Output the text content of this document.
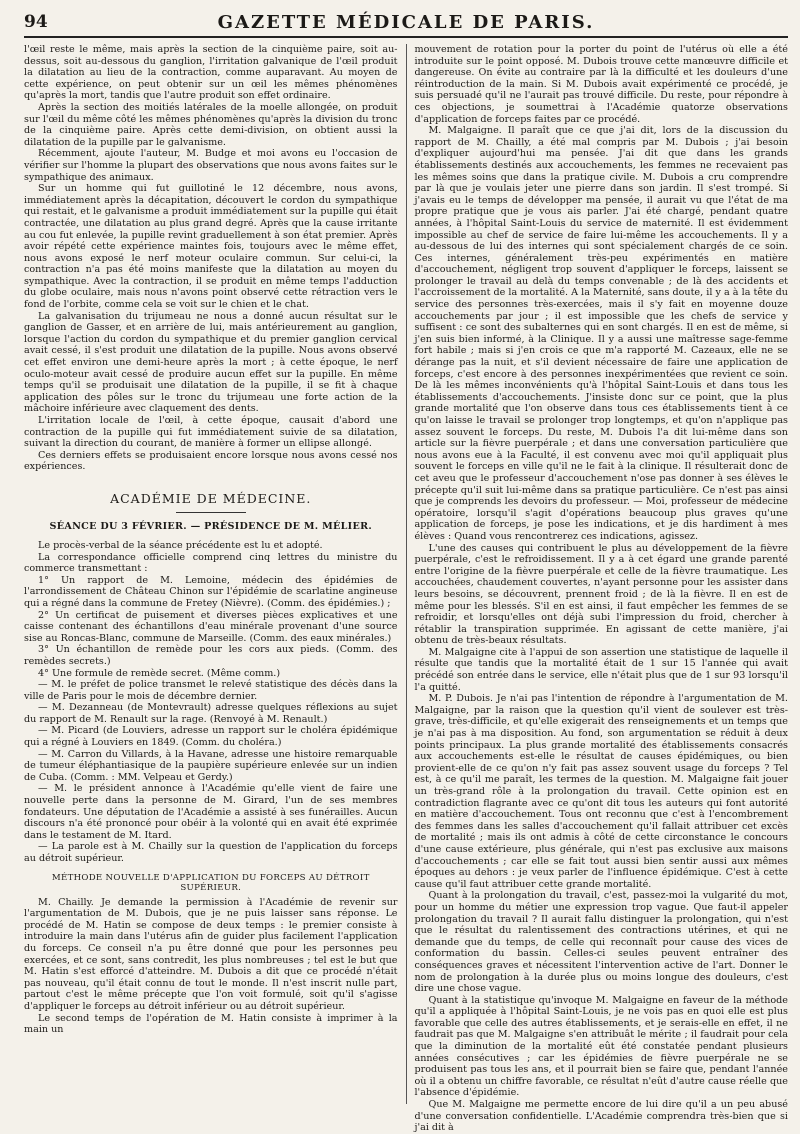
94	GAZETTE MÉDICALE DE PARIS.

l'œil reste le même, mais après la section de la cinquième paire, soit au-dessus, soit au-dessous du ganglion, l'irritation galvanique de l'œil produit la dilatation au lieu de la contraction, comme auparavant. Au moyen de cette expérience, on peut obtenir sur un œil les mêmes phénomènes qu'après la mort, tandis que l'autre produit son effet ordinaire.

Après la section des moitiés latérales de la moelle allongée, on produit sur l'œil du même côté les mêmes phénomènes qu'après la division du tronc de la cinquième paire. Après cette demi-division, on obtient aussi la dilatation de la pupille par le galvanisme.

Récemment, ajoute l'auteur, M. Budge et moi avons eu l'occasion de vérifier sur l'homme la plupart des observations que nous avons faites sur le sympathique des animaux.

Sur un homme qui fut guillotiné le 12 décembre, nous avons, immédiatement après la décapitation, découvert le cordon du sympathique qui restait, et le galvanisme a produit immédiatement sur la pupille qui était contractée, une dilatation au plus grand degré. Après que la cause irritante au cou fut enlevée, la pupille revint graduellement à son état premier. Après avoir répété cette expérience maintes fois, toujours avec le même effet, nous avons exposé le nerf moteur oculaire commun. Sur celui-ci, la contraction n'a pas été moins manifeste que la dilatation au moyen du sympathique. Avec la contraction, il se produit en même temps l'adduction du globe oculaire, mais nous n'avons point observé cette rétraction vers le fond de l'orbite, comme cela se voit sur le chien et le chat.

La galvanisation du trijumeau ne nous a donné aucun résultat sur le ganglion de Gasser, et en arrière de lui, mais antérieurement au ganglion, lorsque l'action du cordon du sympathique et du premier ganglion cervical avait cessé, il s'est produit une dilatation de la pupille. Nous avons observé cet effet environ une demi-heure après la mort ; à cette époque, le nerf oculo-moteur avait cessé de produire aucun effet sur la pupille. En même temps qu'il se produisait une dilatation de la pupille, il se fit à chaque application des pôles sur le tronc du trijumeau une forte action de la mâchoire inférieure avec claquement des dents.

L'irritation locale de l'œil, à cette époque, causait d'abord une contraction de la pupille qui fut immédiatement suivie de sa dilatation, suivant la direction du courant, de manière à former un ellipse allongé.

Ces derniers effets se produisaient encore lorsque nous avons cessé nos expériences.

ACADÉMIE DE MÉDECINE.
SÉANCE DU 3 FÉVRIER. — PRÉSIDENCE DE M. MÉLIER.

Le procès-verbal de la séance précédente est lu et adopté.

La correspondance officielle comprend cinq lettres du ministre du commerce transmettant :

1° Un rapport de M. Lemoine, médecin des épidémies de l'arrondissement de Château Chinon sur l'épidémie de scarlatine angineuse qui a régné dans la commune de Fretey (Nièvre). (Comm. des épidémies.) ;

2° Un certificat de puisement et diverses pièces explicatives et une caisse contenant des échantillons d'eau minérale provenant d'une source sise au Roncas-Blanc, commune de Marseille. (Comm. des eaux minérales.)

3° Un échantillon de remède pour les cors aux pieds. (Comm. des remèdes secrets.)

4° Une formule de remède secret. (Même comm.)

— M. le préfet de police transmet le relevé statistique des décès dans la ville de Paris pour le mois de décembre dernier.

— M. Dezanneau (de Montevrault) adresse quelques réflexions au sujet du rapport de M. Renault sur la rage. (Renvoyé à M. Renault.)

— M. Picard (de Louviers, adresse un rapport sur le choléra épidémique qui a régné à Louviers en 1849. (Comm. du choléra.)

— M. Carron du Villards, à la Havane, adresse une histoire remarquable de tumeur éléphantiasique de la paupière supérieure enlevée sur un indien de Cuba. (Comm. : MM. Velpeau et Gerdy.)

— M. le président annonce à l'Académie qu'elle vient de faire une nouvelle perte dans la personne de M. Girard, l'un de ses membres fondateurs. Une députation de l'Académie a assisté à ses funérailles. Aucun discours n'a été prononcé pour obéir à la volonté qui en avait été exprimée dans le testament de M. Itard.

— La parole est à M. Chailly sur la question de l'application du forceps au détroit supérieur.

MÉTHODE NOUVELLE D'APPLICATION DU FORCEPS AU DÉTROIT SUPÉRIEUR.

M. Chailly. Je demande la permission à l'Académie de revenir sur l'argumentation de M. Dubois, que je ne puis laisser sans réponse. Le procédé de M. Hatin se compose de deux temps : le premier consiste à introduire la main dans l'utérus afin de guider plus facilement l'application du forceps. Ce conseil n'a pu être donné que pour les personnes peu exercées, et ce sont, sans contredit, les plus nombreuses ; tel est le but que M. Hatin s'est efforcé d'atteindre. M. Dubois a dit que ce procédé n'était pas nouveau, qu'il était connu de tout le monde. Il n'est inscrit nulle part, partout c'est le même précepte que l'on voit formulé, soit qu'il s'agisse d'appliquer le forceps au détroit inférieur ou au détroit supérieur.

Le second temps de l'opération de M. Hatin consiste à imprimer à la main un

mouvement de rotation pour la porter du point de l'utérus où elle a été introduite sur le point opposé. M. Dubois trouve cette manœuvre difficile et dangereuse. On évite au contraire par là la difficulté et les douleurs d'une réintroduction de la main. Si M. Dubois avait expérimenté ce procédé, je suis persuadé qu'il ne l'aurait pas trouvé difficile. Du reste, pour répondre à ces objections, je soumettrai à l'Académie quatorze observations d'application de forceps faites par ce procédé.

M. Malgaigne. Il paraît que ce que j'ai dit, lors de la discussion du rapport de M. Chailly, a été mal compris par M. Dubois ; j'ai besoin d'expliquer aujourd'hui ma pensée. J'ai dit que dans les grands établissements destinés aux accouchements, les femmes ne recevaient pas les mêmes soins que dans la pratique civile. M. Dubois a cru comprendre par là que je voulais jeter une pierre dans son jardin. Il s'est trompé. Si j'avais eu le temps de développer ma pensée, il aurait vu que l'état de ma propre pratique que je vous ais parler. J'ai été chargé, pendant quatre années, à l'hôpital Saint-Louis du service de maternité. Il est évidemment impossible au chef de service de faire lui-même les accouchements. Il y a au-dessous de lui des internes qui sont spécialement chargés de ce soin. Ces internes, généralement très-peu expérimentés en matière d'accouchement, négligent trop souvent d'appliquer le forceps, laissent se prolonger le travail au delà du temps convenable ; de là des accidents et l'accroissement de la mortalité. A la Maternité, sans doute, il y a à la tête du service des personnes très-exercées, mais il s'y fait en moyenne douze accouchements par jour ; il est impossible que les chefs de service y suffisent : ce sont des subalternes qui en sont chargés. Il en est de même, si j'en suis bien informé, à la Clinique. Il y a aussi une maîtresse sage-femme fort habile ; mais si j'en crois ce que m'a rapporté M. Cazeaux, elle ne se dérange pas la nuit, et s'il devient nécessaire de faire une application de forceps, c'est encore à des personnes inexpérimentées que revient ce soin. De là les mêmes inconvénients qu'à l'hôpital Saint-Louis et dans tous les établissements d'accouchements. J'insiste donc sur ce point, que la plus grande mortalité que l'on observe dans tous ces établissements tient à ce qu'on laisse le travail se prolonger trop longtemps, et qu'on n'applique pas assez souvent le forceps. Du reste, M. Dubois l'a dit lui-même dans son article sur la fièvre puerpérale ; et dans une conversation particulière que nous avons eue à la Faculté, il est convenu avec moi qu'il appliquait plus souvent le forceps en ville qu'il ne le fait à la clinique. Il résulterait donc de cet aveu que le professeur d'accouchement n'ose pas donner à ses élèves le précepte qu'il suit lui-même dans sa pratique particulière. Ce n'est pas ainsi que je comprends les devoirs du professeur. — Moi, professeur de médecine opératoire, lorsqu'il s'agit d'opérations beaucoup plus graves qu'une application de forceps, je pose les indications, et je dis hardiment à mes élèves : Quand vous rencontrerez ces indications, agissez.

L'une des causes qui contribuent le plus au développement de la fièvre puerpérale, c'est le refroidissement. Il y a à cet égard une grande parenté entre l'origine de la fièvre puerpérale et celle de la fièvre traumatique. Les accouchées, chaudement couvertes, n'ayant personne pour les assister dans leurs besoins, se découvrent, prennent froid ; de là la fièvre. Il en est de même pour les blessés. S'il en est ainsi, il faut empêcher les femmes de se refroidir, et lorsqu'elles ont déjà subi l'impression du froid, chercher à rétablir la transpiration supprimée. En agissant de cette manière, j'ai obtenu de très-beaux résultats.

M. Malgaigne cite à l'appui de son assertion une statistique de laquelle il résulte que tandis que la mortalité était de 1 sur 15 l'année qui avait précédé son entrée dans le service, elle n'était plus que de 1 sur 93 lorsqu'il l'a quitté.

M. P. Dubois. Je n'ai pas l'intention de répondre à l'argumentation de M. Malgaigne, par la raison que la question qu'il vient de soulever est très-grave, très-difficile, et qu'elle exigerait des renseignements et un temps que je n'ai pas à ma disposition. Au fond, son argumentation se réduit à deux points principaux. La plus grande mortalité des établissements consacrés aux accouchements est-elle le résultat de causes épidémiques, ou bien provient-elle de ce qu'on n'y fait pas assez souvent usage du forceps ? Tel est, à ce qu'il me paraît, les termes de la question. M. Malgaigne fait jouer un très-grand rôle à la prolongation du travail. Cette opinion est en contradiction flagrante avec ce qu'ont dit tous les auteurs qui font autorité en matière d'accouchement. Tous ont reconnu que c'est à l'encombrement des femmes dans les salles d'accouchement qu'il fallait attribuer cet excès de mortalité ; mais ils ont admis à côté de cette circonstance le concours d'une cause extérieure, plus générale, qui n'est pas exclusive aux maisons d'accouchements ; car elle se fait tout aussi bien sentir aussi aux mêmes époques au dehors : je veux parler de l'influence épidémique. C'est à cette cause qu'il faut attribuer cette grande mortalité.

Quant à la prolongation du travail, c'est, passez-moi la vulgarité du mot, pour un homme du métier une expression trop vague. Que faut-il appeler prolongation du travail ? Il aurait fallu distinguer la prolongation, qui n'est que le résultat du ralentissement des contractions utérines, et qui ne demande que du temps, de celle qui reconnaît pour cause des vices de conformation du bassin. Celles-ci seules peuvent entraîner des conséquences graves et nécessitent l'intervention active de l'art. Donner le nom de prolongation à la durée plus ou moins longue des douleurs, c'est dire une chose vague.

Quant à la statistique qu'invoque M. Malgaigne en faveur de la méthode qu'il a appliquée à l'hôpital Saint-Louis, je ne vois pas en quoi elle est plus favorable que celle des autres établissements, et je serais-elle en effet, il ne faudrait pas que M. Malgaigne s'en attribuât le mérite ; il faudrait pour cela que la diminution de la mortalité eût été constatée pendant plusieurs années consécutives ; car les épidémies de fièvre puerpérale ne se produisent pas tous les ans, et il pourrait bien se faire que, pendant l'année où il a obtenu un chiffre favorable, ce résultat n'eût d'autre cause réelle que l'absence d'épidémie.

Que M. Malgaigne me permette encore de lui dire qu'il a un peu abusé d'une conversation confidentielle. L'Académie comprendra très-bien que si j'ai dit à
